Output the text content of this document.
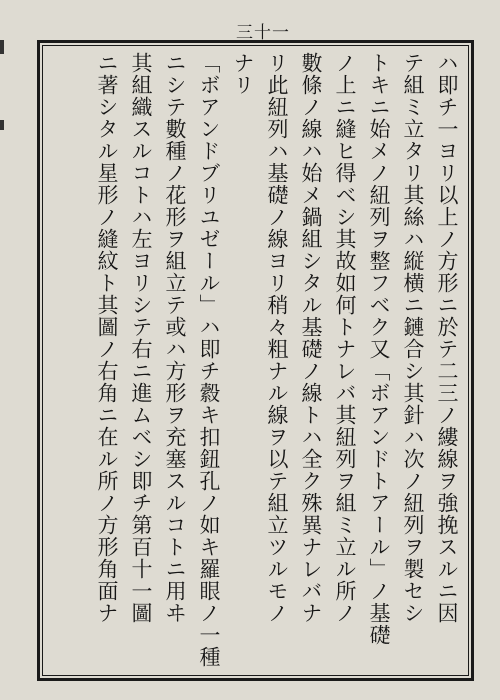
三十一
ハ即チ一ヨリ以上ノ方形ニ於テ二三ノ縷線ヲ強挽スルニ因
テ組ミ立タリ其絲ハ縦横ニ鏈合シ其針ハ次ノ紐列ヲ製セシ
トキニ始メノ紐列ヲ整フベク又「ボアンドトアール」ノ基礎
ノ上ニ縫ヒ得ベシ其故如何トナレバ其紐列ヲ組ミ立ル所ノ
數條ノ線ハ始メ鍋組シタル基礎ノ線トハ全ク殊異ナレバナ
リ此紐列ハ基礎ノ線ヨリ稍々粗ナル線ヲ以テ組立ツルモノ
ナリ
「ボアンドブリユゼール」ハ即チ縠キ扣鈕孔ノ如キ羅眼ノ一種
ニシテ數種ノ花形ヲ組立テ或ハ方形ヲ充塞スルコトニ用ヰ
其組織スルコトハ左ヨリシテ右ニ進ムベシ即チ第百十一圖
ニ著シタル星形ノ縫紋ト其圖ノ右角ニ在ル所ノ方形角面ナ
